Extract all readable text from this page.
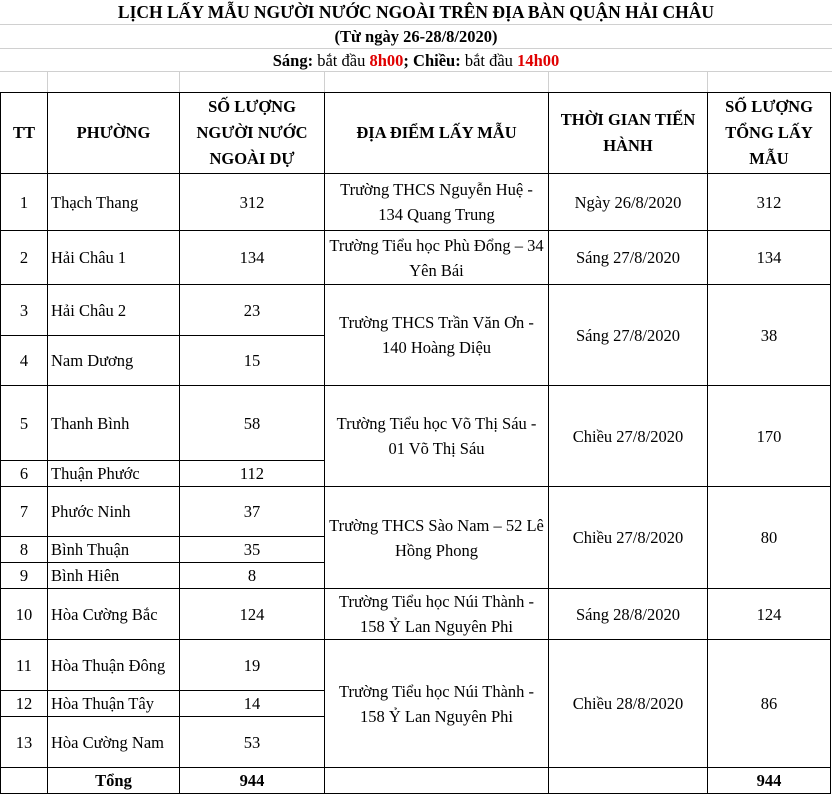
LỊCH LẤY MẪU NGƯỜI NƯỚC NGOÀI TRÊN ĐỊA BÀN QUẬN HẢI CHÂU
(Từ ngày 26-28/8/2020)
Sáng: bắt đầu 8h00; Chiều: bắt đầu 14h00
TT	PHƯỜNG	SỐ LƯỢNG NGƯỜI NƯỚC NGOÀI DỰ	ĐỊA ĐIỂM LẤY MẪU	THỜI GIAN TIẾN HÀNH	SỐ LƯỢNG TỔNG LẤY MẪU
1	Thạch Thang	312	Trường THCS Nguyễn Huệ - 134 Quang Trung	Ngày 26/8/2020	312
2	Hải Châu 1	134	Trường Tiểu học Phù Đổng – 34 Yên Bái	Sáng 27/8/2020	134
3	Hải Châu 2	23	Trường THCS Trần Văn Ơn - 140 Hoàng Diệu	Sáng 27/8/2020	38
4	Nam Dương	15			
5	Thanh Bình	58	Trường Tiểu học Võ Thị Sáu - 01 Võ Thị Sáu	Chiều 27/8/2020	170
6	Thuận Phước	112			
7	Phước Ninh	37	Trường THCS Sào Nam – 52 Lê Hồng Phong	Chiều 27/8/2020	80
8	Bình Thuận	35			
9	Bình Hiên	8			
10	Hòa Cường Bắc	124	Trường Tiểu học Núi Thành - 158 Ỷ Lan Nguyên Phi	Sáng 28/8/2020	124
11	Hòa Thuận Đông	19	Trường Tiểu học Núi Thành - 158 Ỷ Lan Nguyên Phi	Chiều 28/8/2020	86
12	Hòa Thuận Tây	14			
13	Hòa Cường Nam	53			
	Tổng	944			944
